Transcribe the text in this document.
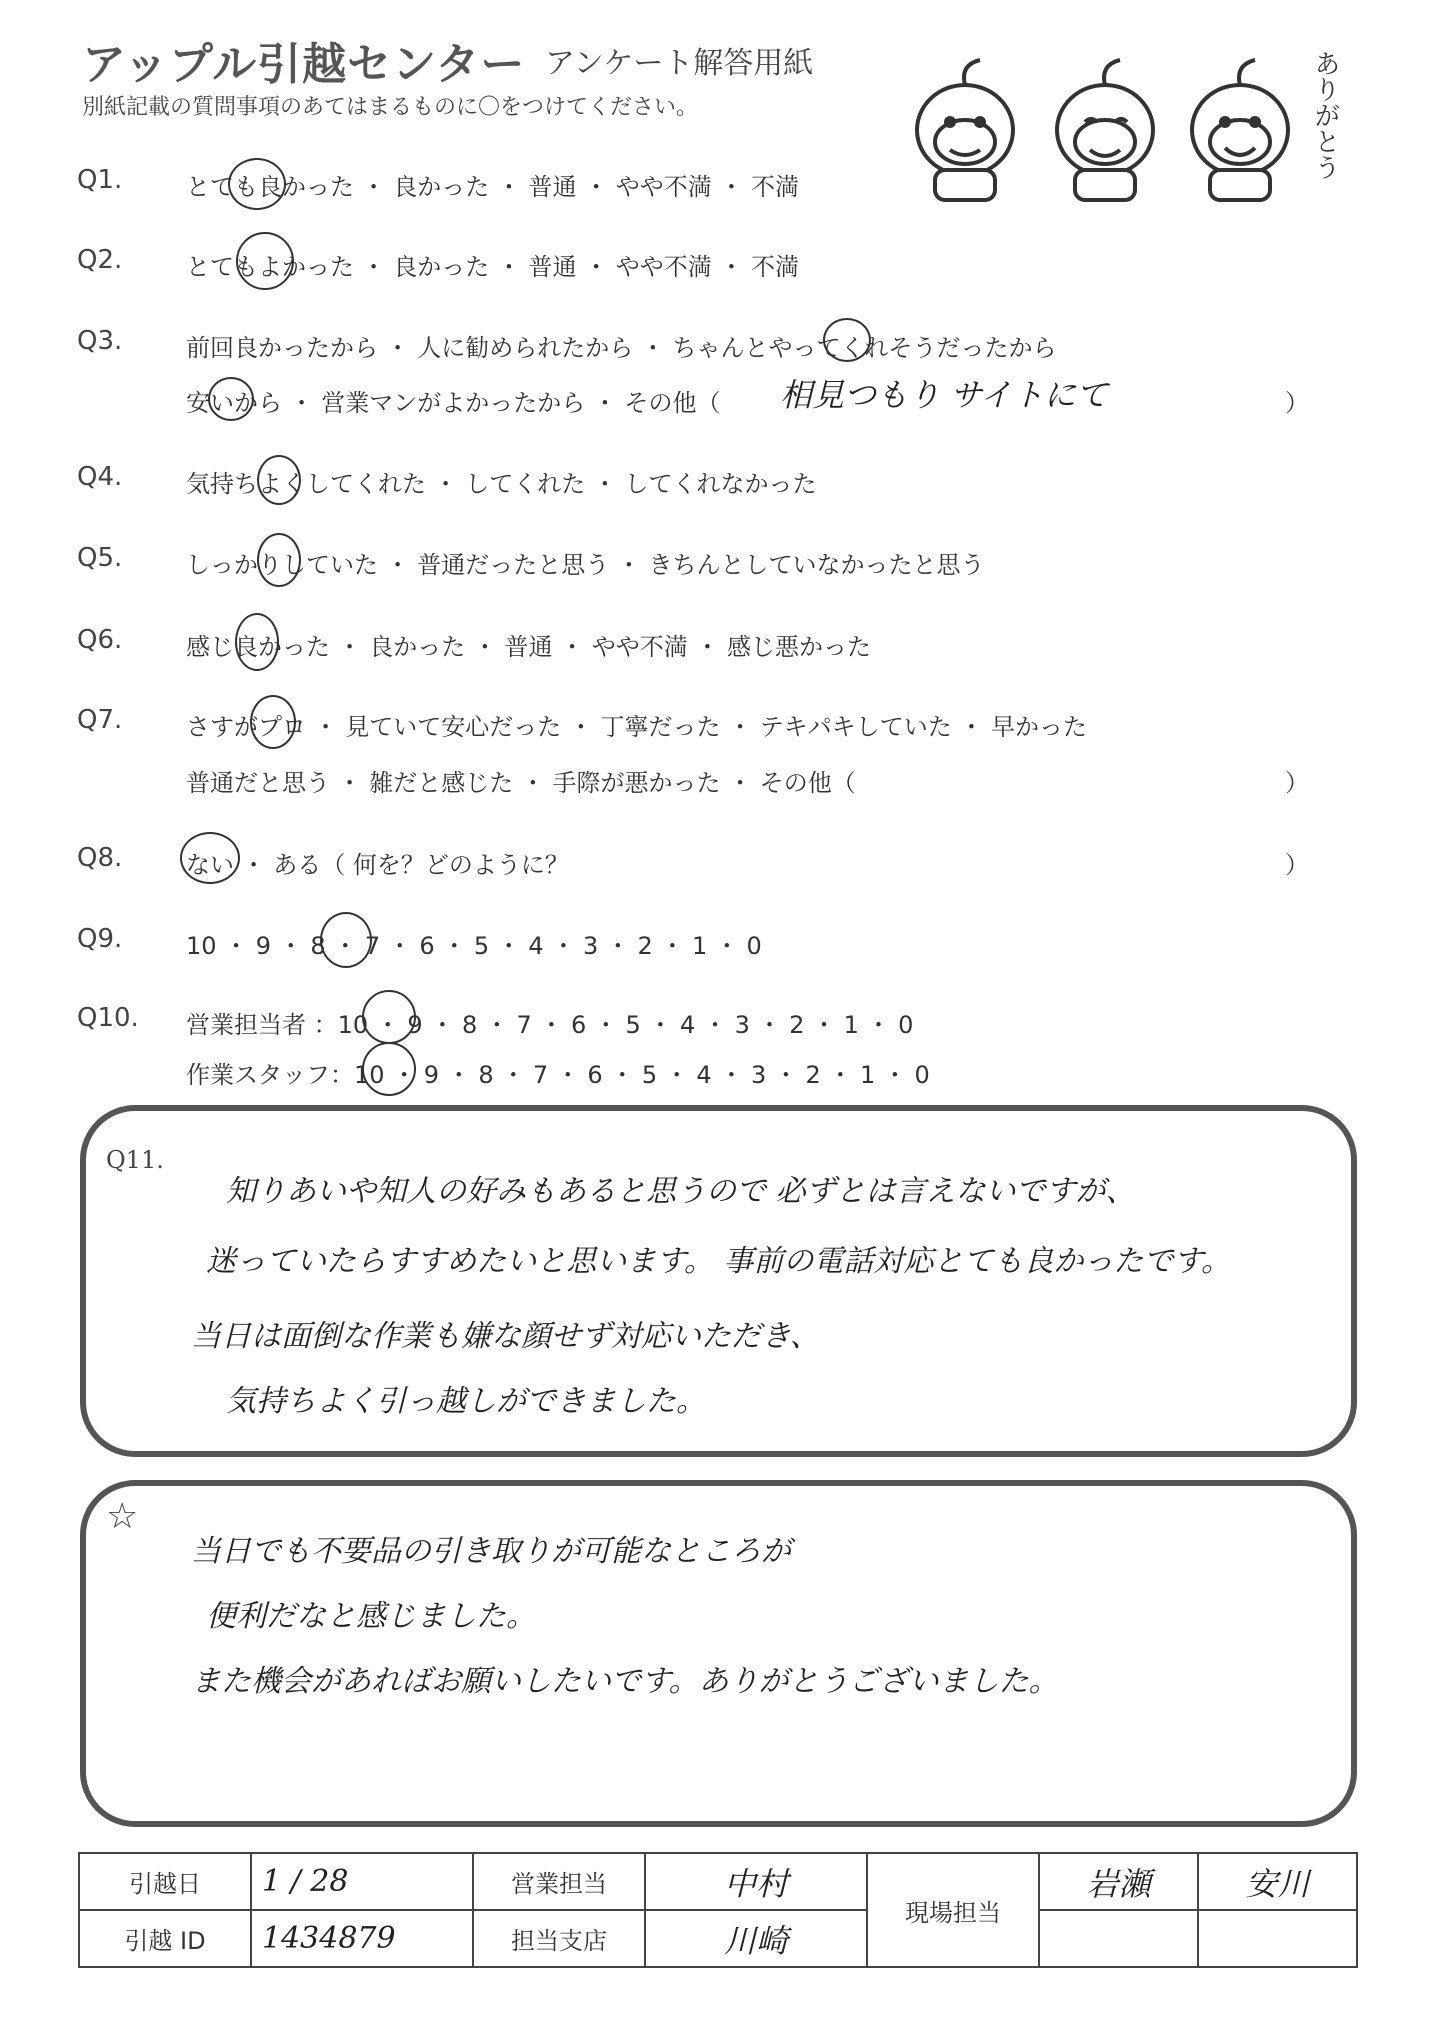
アップル引越センター アンケート解答用紙
別紙記載の質問事項のあてはまるものに〇をつけてください。	ありがとう
Q1.	とても良かった ・ 良かった ・ 普通 ・ やや不満 ・ 不満
Q2.	とてもよかった ・ 良かった ・ 普通 ・ やや不満 ・ 不満
Q3.	前回良かったから ・ 人に勧められたから ・ ちゃんとやってくれそうだったから
安いから ・ 営業マンがよかったから ・ その他（ 相見つもり サイトにて	）
Q4.	気持ちよくしてくれた ・ してくれた ・ してくれなかった
Q5.	しっかりしていた ・ 普通だったと思う ・ きちんとしていなかったと思う
Q6.	感じ良かった ・ 良かった ・ 普通 ・ やや不満 ・ 感じ悪かった
Q7.	さすがプロ ・ 見ていて安心だった ・ 丁寧だった ・ テキパキしていた ・ 早かった
普通だと思う ・ 雑だと感じた ・ 手際が悪かった ・ その他（	）
Q8.	ない ・ ある（ 何を？どのように？	）
Q9.	10 ・ 9 ・ 8 ・ 7 ・ 6 ・ 5 ・ 4 ・ 3 ・ 2 ・ 1 ・ 0
Q10. 営業担当者 ：10 ・ 9 ・ 8 ・ 7 ・ 6 ・ 5 ・ 4 ・ 3 ・ 2 ・ 1 ・ 0
作業スタッフ：10 ・ 9 ・ 8 ・ 7 ・ 6 ・ 5 ・ 4 ・ 3 ・ 2 ・ 1 ・ 0
Q11.
知りあいや知人の好みもあると思うので 必ずとは言えないですが、
迷っていたらすすめたいと思います。 事前の電話対応とても良かったです。
当日は面倒な作業も嫌な顔せず対応いただき、
気持ちよく引っ越しができました。
☆
当日でも不要品の引き取りが可能なところが
便利だなと感じました。
また機会があればお願いしたいです。ありがとうございました。
引越日	1 / 28	営業担当	中村	現場担当	岩瀬	安川
引越 ID	1434879	担当支店	川崎			
